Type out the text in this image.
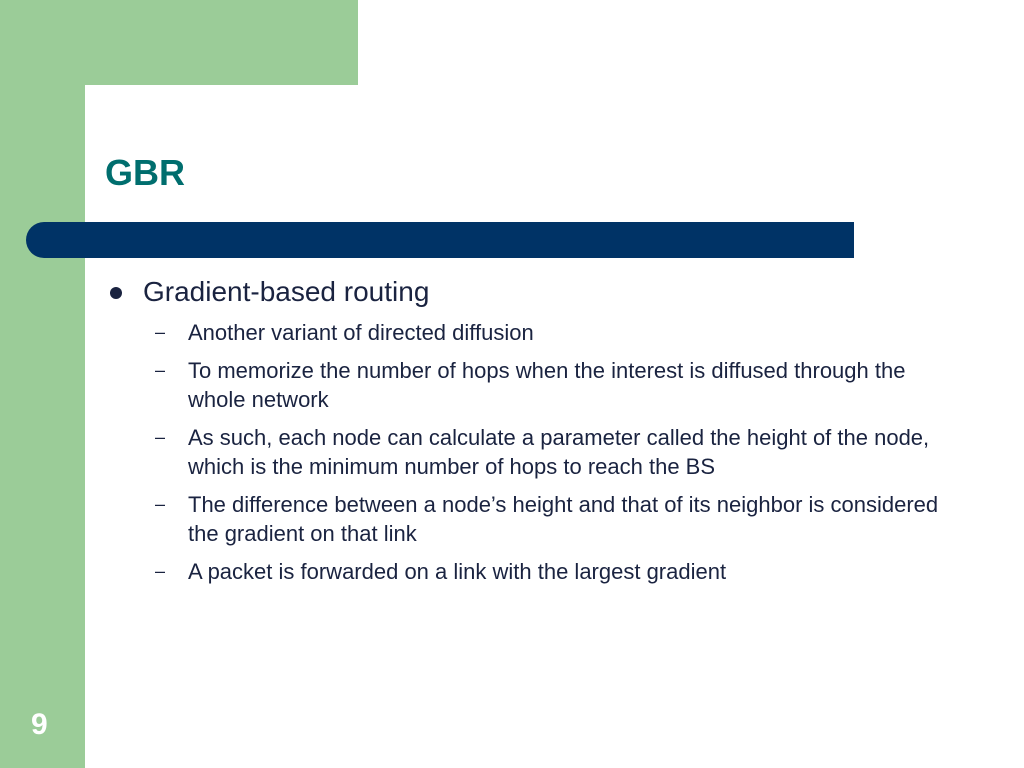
GBR
Gradient-based routing
– Another variant of directed diffusion
– To memorize the number of hops when the interest is diffused through the whole network
– As such, each node can calculate a parameter called the height of the node, which is the minimum number of hops to reach the BS
– The difference between a node’s height and that of its neighbor is considered the gradient on that link
– A packet is forwarded on a link with the largest gradient
9
